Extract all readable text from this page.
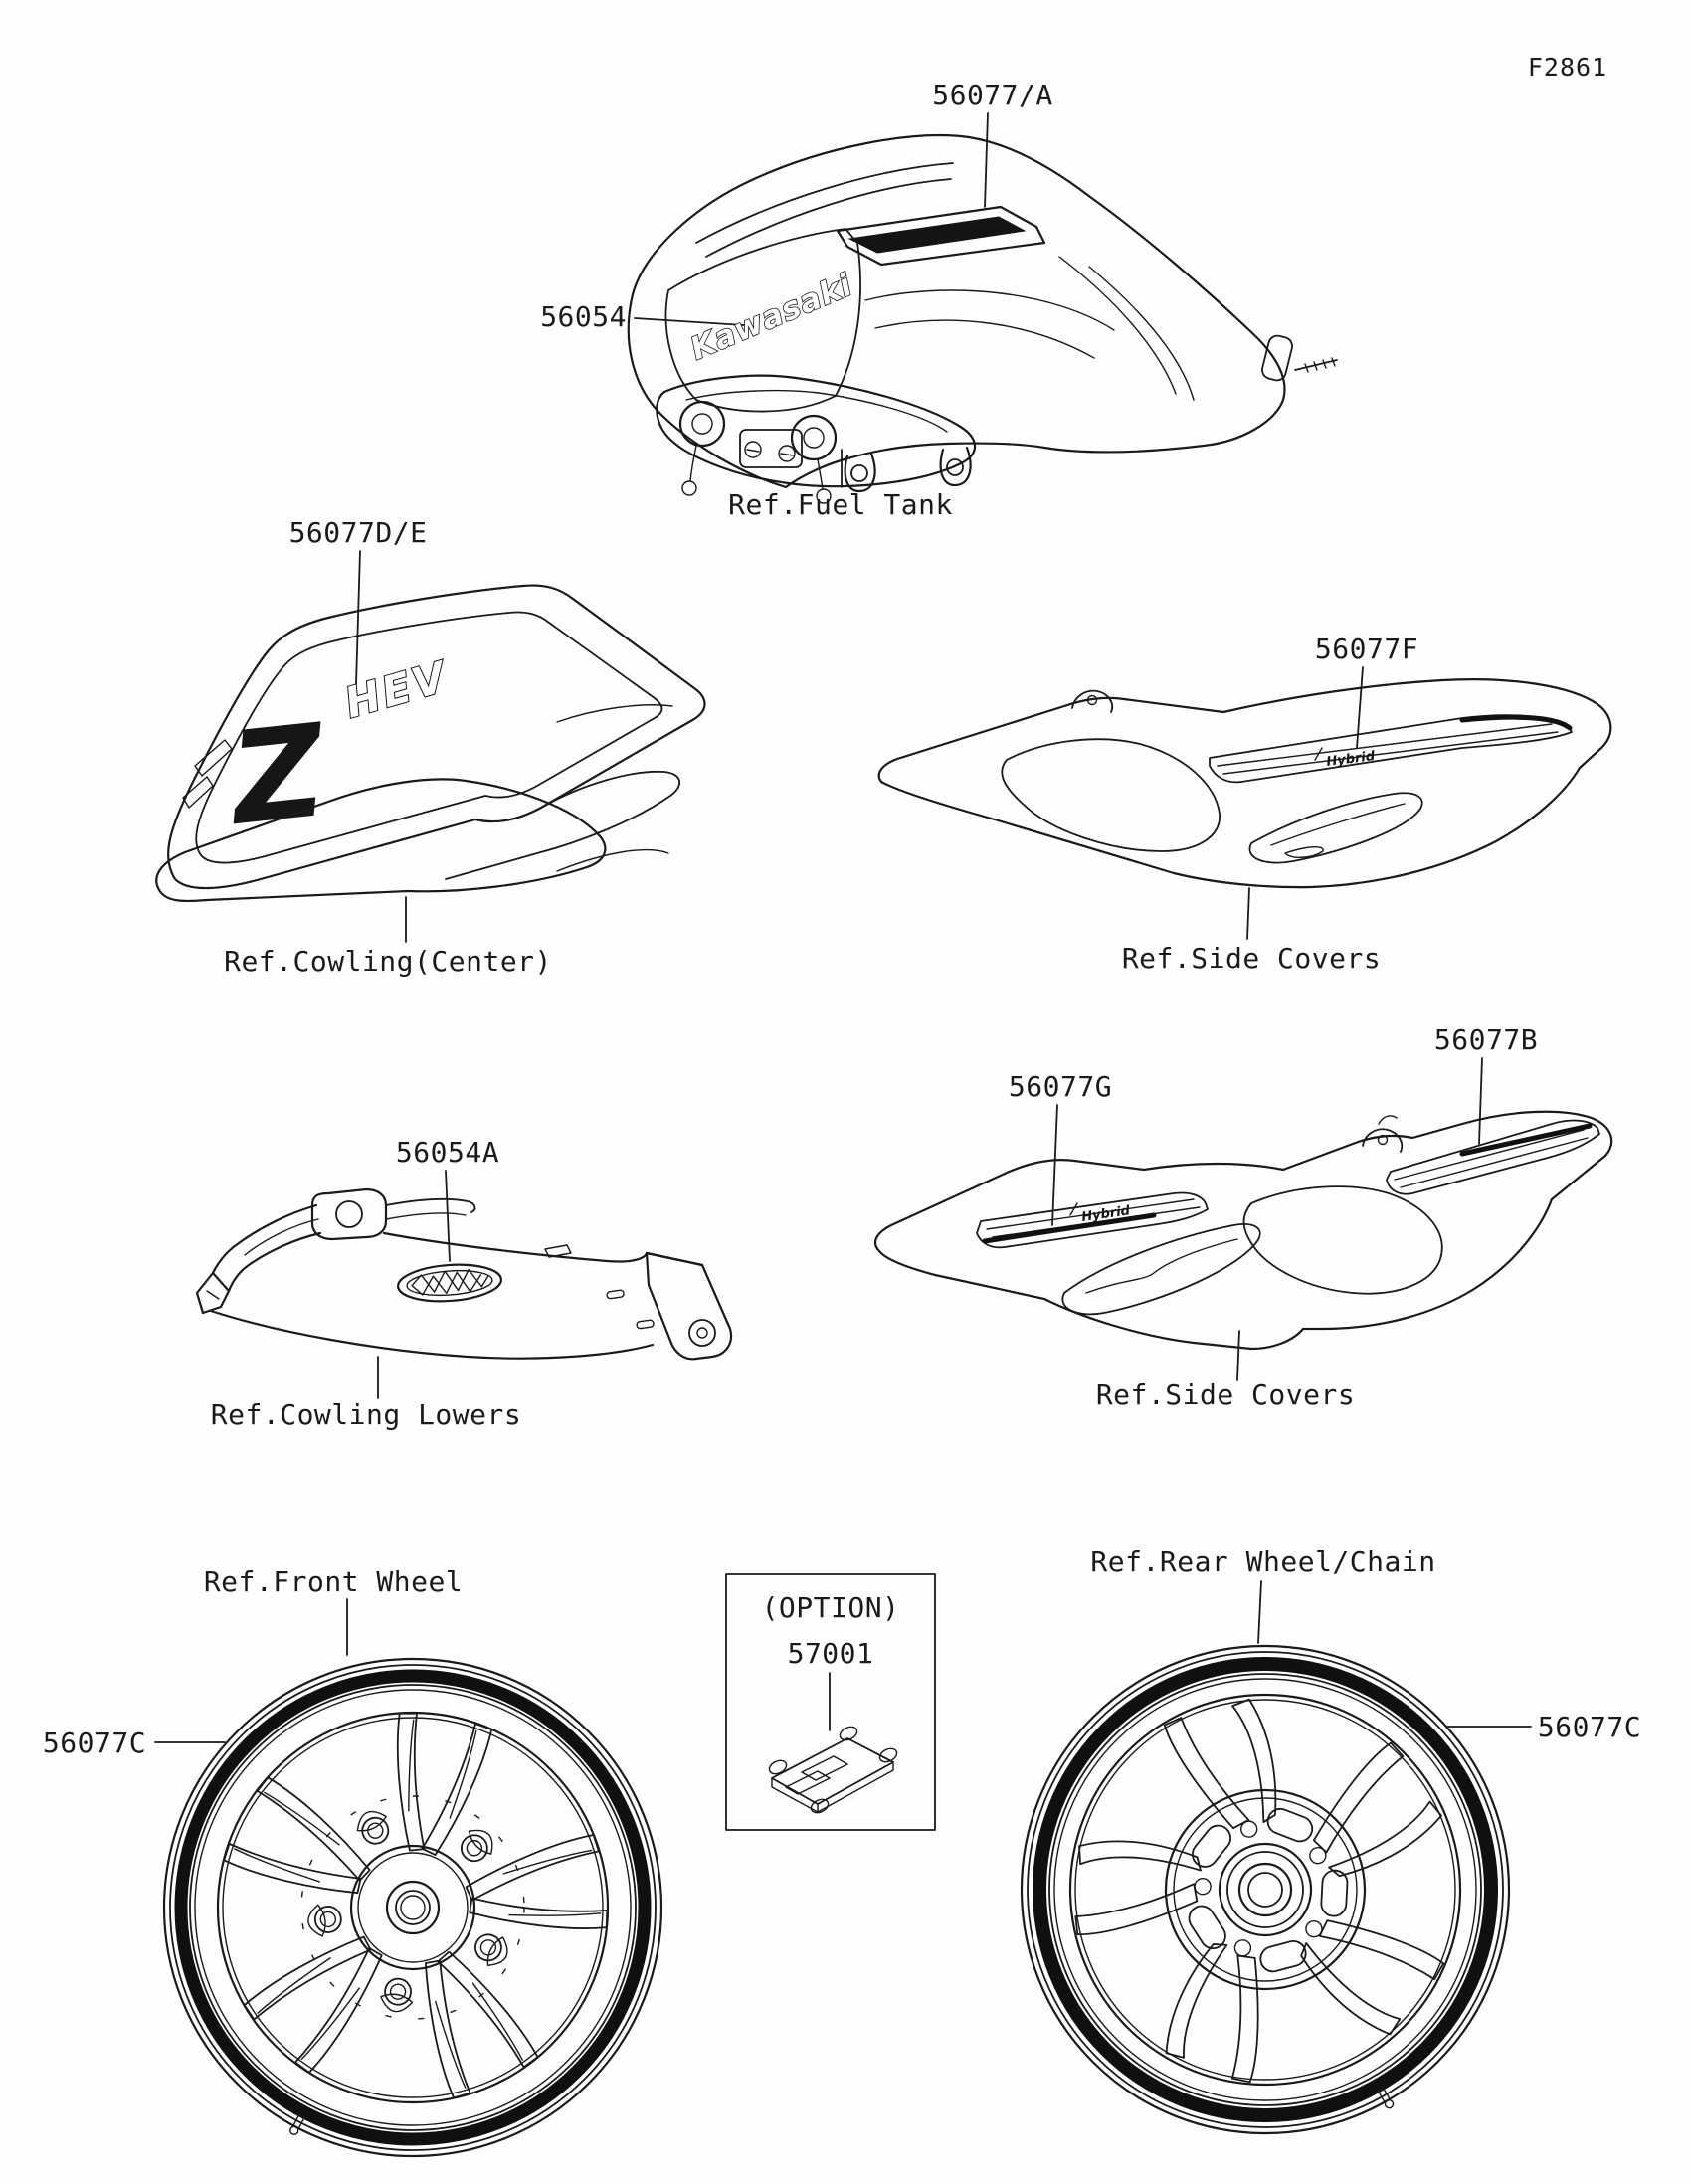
F2861
56077/A
56054
Ref.Fuel Tank
Kawasaki
56077D/E
Ref.Cowling(Center)
Z
HEV
56077F
Ref.Side Covers
Hybrid
56054A
Ref.Cowling Lowers
56077G
56077B
Ref.Side Covers
Hybrid
Ref.Front Wheel
56077C
(OPTION)
57001
Ref.Rear Wheel/Chain
56077C
